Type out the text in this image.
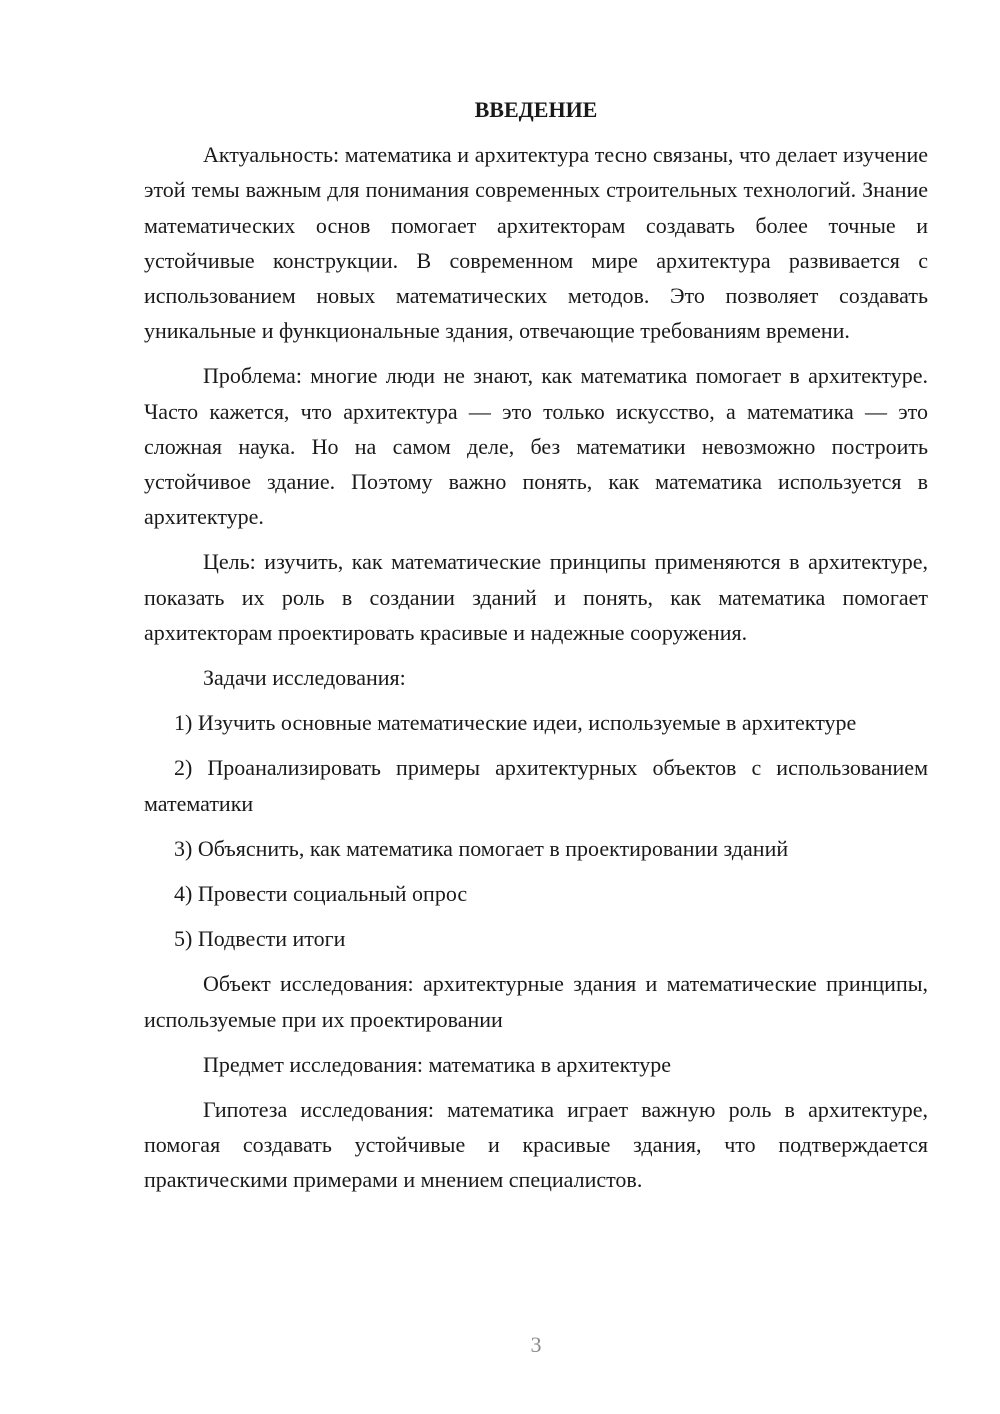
ВВЕДЕНИЕ

Актуальность: математика и архитектура тесно связаны, что делает изучение этой темы важным для понимания современных строительных технологий. Знание математических основ помогает архитекторам создавать более точные и устойчивые конструкции. В современном мире архитектура развивается с использованием новых математических методов. Это позволяет создавать уникальные и функциональные здания, отвечающие требованиям времени.

Проблема: многие люди не знают, как математика помогает в архитектуре. Часто кажется, что архитектура — это только искусство, а математика — это сложная наука. Но на самом деле, без математики невозможно построить устойчивое здание. Поэтому важно понять, как математика используется в архитектуре.

Цель: изучить, как математические принципы применяются в архитектуре, показать их роль в создании зданий и понять, как математика помогает архитекторам проектировать красивые и надежные сооружения.

Задачи исследования:

1) Изучить основные математические идеи, используемые в архитектуре

2) Проанализировать примеры архитектурных объектов с использованием математики

3) Объяснить, как математика помогает в проектировании зданий

4) Провести социальный опрос

5) Подвести итоги

Объект исследования: архитектурные здания и математические принципы, используемые при их проектировании

Предмет исследования: математика в архитектуре

Гипотеза исследования: математика играет важную роль в архитектуре, помогая создавать устойчивые и красивые здания, что подтверждается практическими примерами и мнением специалистов.

3
